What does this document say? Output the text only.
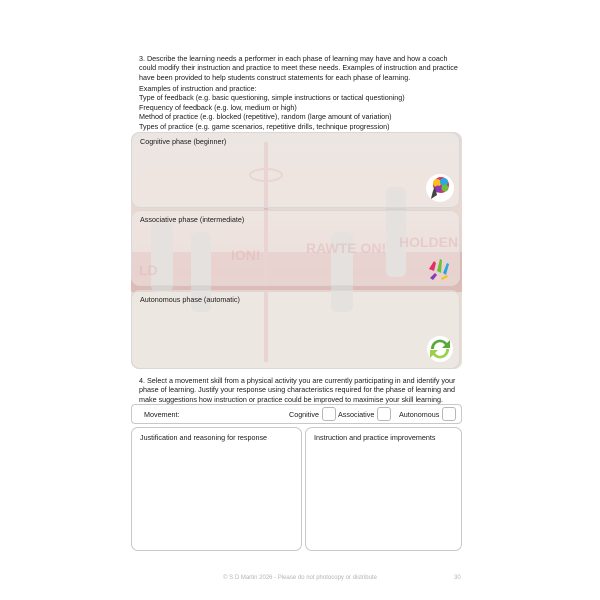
3. Describe the learning needs a performer in each phase of learning may have and how a coach
could modify their instruction and practice to meet these needs. Examples of instruction and practice
have been provided to help students construct statements for each phase of learning.
Examples of instruction and practice:
Type of feedback (e.g. basic questioning, simple instructions or tactical questioning)
Frequency of feedback (e.g. low, medium or high)
Method of practice (e.g. blocked (repetitive), random (large amount of variation)
Types of practice (e.g. game scenarios, repetitive drills, technique progression)
LD
ION!	RAWTE ON! HOLDEN
Cognitive phase (beginner)
Associative phase (intermediate)
Autonomous phase (automatic)
4. Select a movement skill from a physical activity you are currently participating in and identify your
phase of learning. Justify your response using characteristics required for the phase of learning and
make suggestions how instruction or practice could be improved to maximise your skill learning.
Movement:	Cognitive	Associative	Autonomous
Justification and reasoning for response	Instruction and practice improvements
© S D Martin 2026 - Please do not photocopy or distribute	30
